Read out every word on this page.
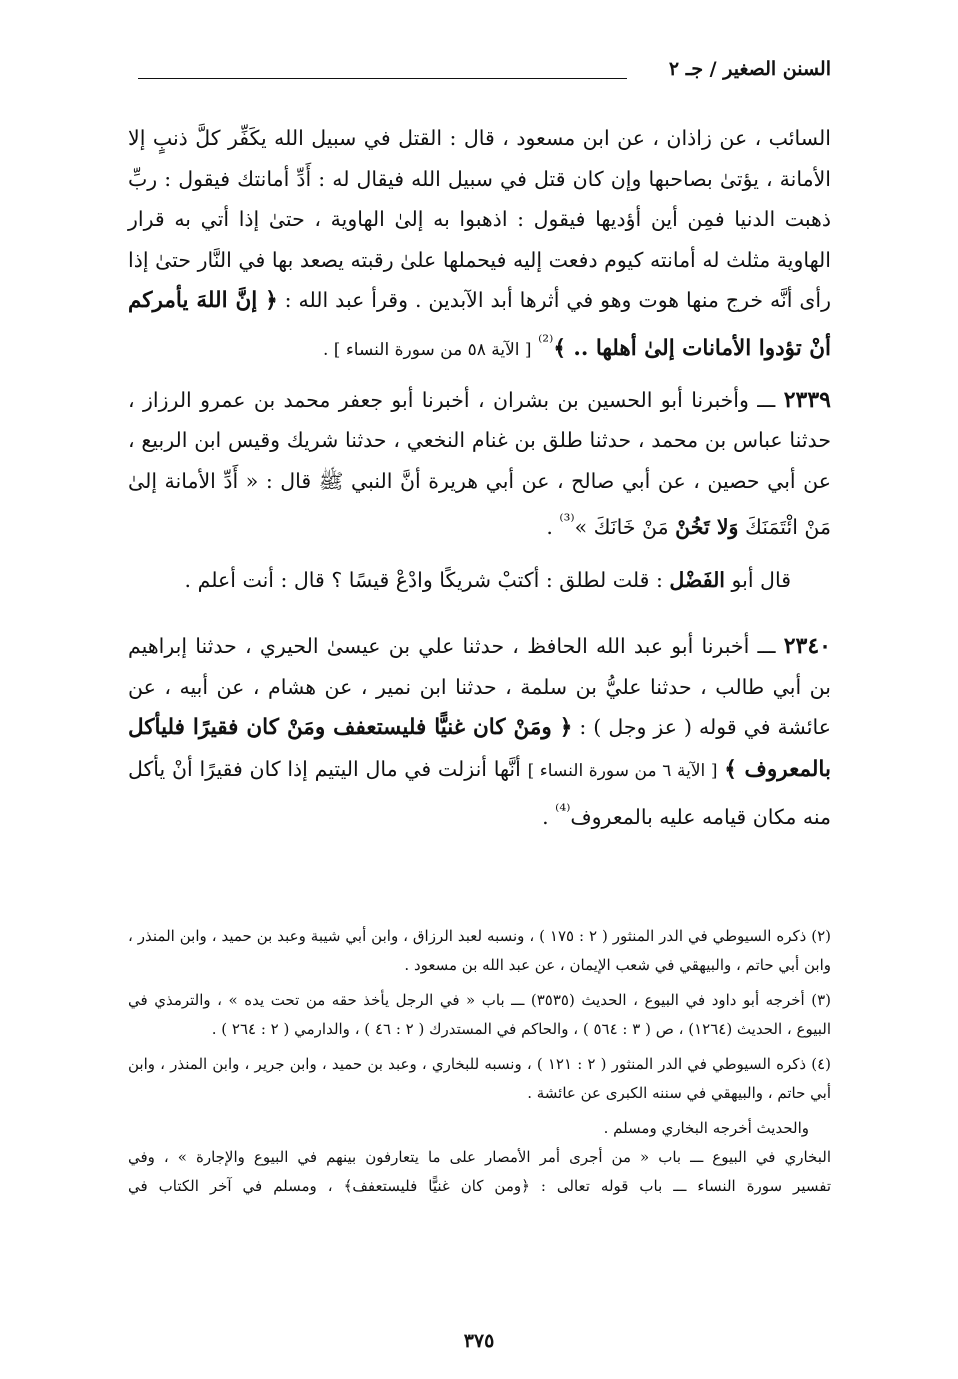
السنن الصغير / جـ ٢

السائب ، عن زاذان ، عن ابن مسعود ، قال : القتل في سبيل الله يكَفِّر كلَّ ذنبٍ إلا الأمانة ، يؤتىٰ بصاحبها وإن كان قتل في سبيل الله فيقال له : أَدِّ أمانتك فيقول : ربِّ ذهبت الدنيا فمِن أين أؤديها فيقول : اذهبوا به إلىٰ الهاوية ، حتىٰ إذا أتي به قرار الهاوية مثلث له أمانته كيوم دفعت إليه فيحملها علىٰ رقبته يصعد بها في النَّار حتىٰ إذا رأى أنَّه خرج منها هوت وهو في أثرها أبد الآبدين . وقرأ عبد الله : ﴿ إنَّ اللهَ يأمركم أنْ تؤدوا الأمانات إلىٰ أهلها .. ﴾$^{^{(2)}}$ [ الآية ٥٨ من سورة النساء ] .

٢٣٣٩ ـــ وأخبرنا أبو الحسين بن بشران ، أخبرنا أبو جعفر محمد بن عمرو الرزاز ، حدثنا عباس بن محمد ، حدثنا طلق بن غنام النخعي ، حدثنا شريك وقيس ابن الربيع ، عن أبي حصين ، عن أبي صالح ، عن أبي هريرة أنَّ النبي ﷺ قال : « أَدِّ الأمانة إلىٰ مَنْ ائْتَمَنَكَ وَلا تَخُنْ مَنْ خَانَكَ »$^{^{(3)}}$ .

قال أبو الفَضْل : قلت لطلق : أكتبْ شريكًا وادْعْ قيسًا ؟ قال : أنت أعلم .

٢٣٤٠ ـــ أخبرنا أبو عبد الله الحافظ ، حدثنا علي بن عيسىٰ الحيري ، حدثنا إبراهيم بن أبي طالب ، حدثنا عليُّ بن سلمة ، حدثنا ابن نمير ، عن هشام ، عن أبيه ، عن عائشة في قوله ( عز وجل ) : ﴿ ومَنْ كان غنيًّا فليستعفف ومَنْ كان فقيرًا فليأكل بالمعروف ﴾ [ الآية ٦ من سورة النساء ] أنَّها أنزلت في مال اليتيم إذا كان فقيرًا أنْ يأكل منه مكان قيامه عليه بالمعروف$^{^{(4)}}$ .

(٢) ذكره السيوطي في الدر المنثور ( ٢ : ١٧٥ ) ، ونسبه لعبد الرزاق ، وابن أبي شيبة وعبد بن حميد ، وابن المنذر ، وابن أبي حاتم ، والبيهقي في شعب الإيمان ، عن عبد الله بن مسعود .

(٣) أخرجه أبو داود في البيوع ، الحديث (٣٥٣٥) ـــ باب « في الرجل يأخذ حقه من تحت يده » ، والترمذي في البيوع ، الحديث (١٢٦٤) ، ص ( ٣ : ٥٦٤ ) ، والحاكم في المستدرك ( ٢ : ٤٦ ) ، والدارمي ( ٢ : ٢٦٤ ) .

(٤) ذكره السيوطي في الدر المنثور ( ٢ : ١٢١ ) ، ونسبه للبخاري ، وعبد بن حميد ، وابن جرير ، وابن المنذر ، وابن أبي حاتم ، والبيهقي في سننه الكبرى عن عائشة .

والحديث أخرجه البخاري ومسلم .

البخاري في البيوع ـــ باب « من أجرى أمر الأمصار على ما يتعارفون بينهم في البيوع والإجارة » ، وفي

تفسير سورة النساء ـــ باب قوله تعالى : ﴿ومن كان غنيًّا فليستعفف﴾ ، ومسلم في آخر الكتاب في

٣٧٥
